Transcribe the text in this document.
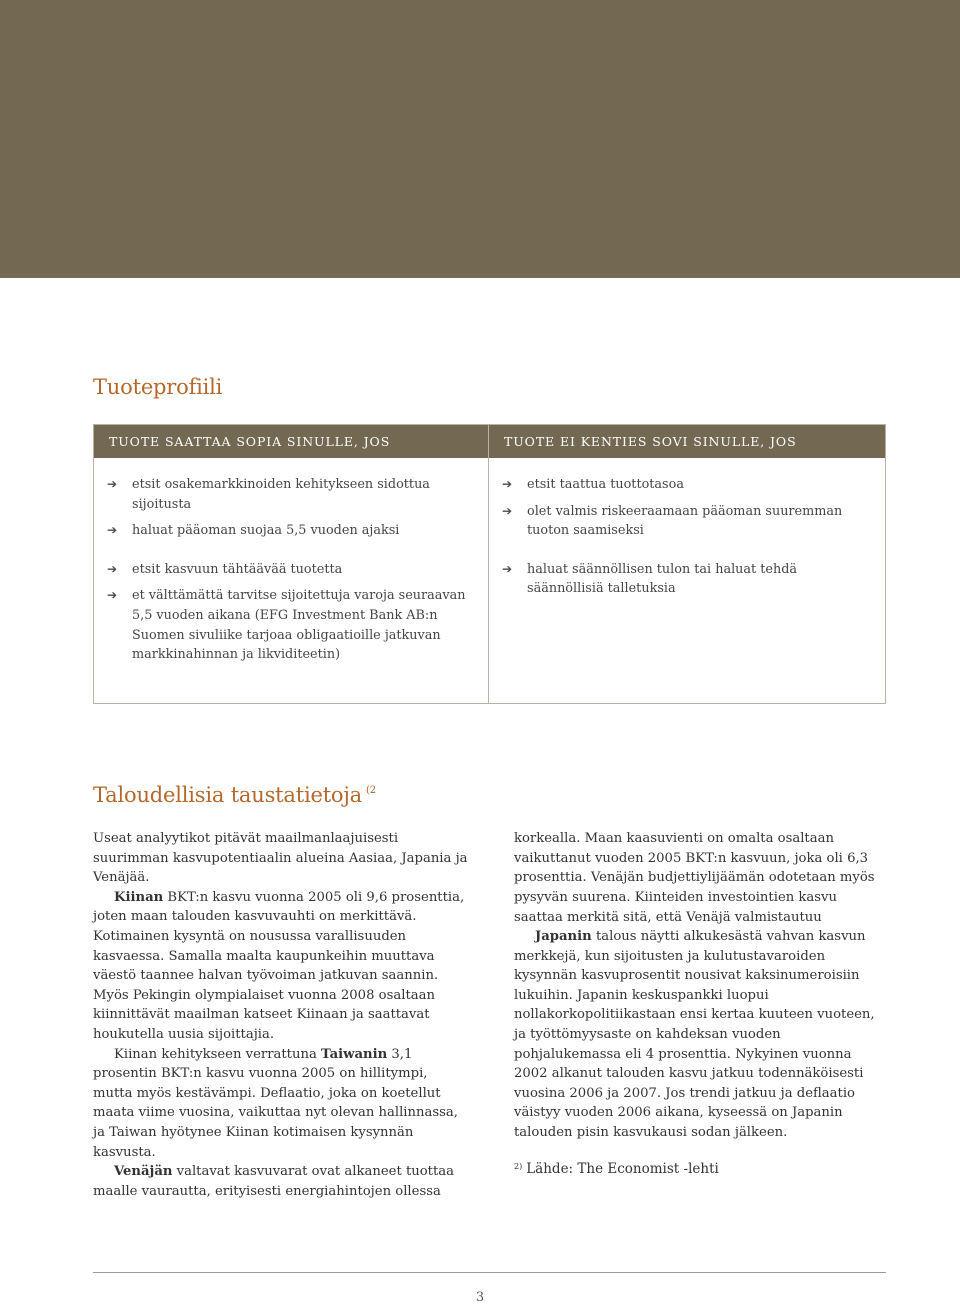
Tuoteprofiili
TUOTE SAATTAA SOPIA SINULLE, JOS
➔ etsit osakemarkkinoiden kehitykseen sidottua sijoitusta
➔ haluat pääoman suojaa 5,5 vuoden ajaksi
➔ etsit kasvuun tähtäävää tuotetta
➔ et välttämättä tarvitse sijoitettuja varoja seuraavan 5,5 vuoden aikana (EFG Investment Bank AB:n Suomen sivuliike tarjoaa obligaatioille jatkuvan markkinahinnan ja likviditeetin)
TUOTE EI KENTIES SOVI SINULLE, JOS
➔ etsit taattua tuottotasoa
➔ olet valmis riskeeraamaan pääoman suuremman tuoton saamiseksi
➔ haluat säännöllisen tulon tai haluat tehdä säännöllisiä talletuksia
Taloudellisia taustatietoja $^{(2}$

Useat analyytikot pitävät maailmanlaajuisesti suurimman kasvupotentiaalin alueina Aasiaa, Japania ja Venäjää.

Kiinan BKT:n kasvu vuonna 2005 oli 9,6 prosenttia, joten maan talouden kasvuvauhti on merkittävä. Kotimainen kysyntä on nousussa varallisuuden kasvaessa. Samalla maalta kaupunkeihin muuttava väestö taannee halvan työvoiman jatkuvan saannin. Myös Pekingin olympialaiset vuonna 2008 osaltaan kiinnittävät maailman katseet Kiinaan ja saattavat houkutella uusia sijoittajia.

Kiinan kehitykseen verrattuna Taiwanin 3,1 prosentin BKT:n kasvu vuonna 2005 on hillitympi, mutta myös kestävämpi. Deflaatio, joka on koetellut maata viime vuosina, vaikuttaa nyt olevan hallinnassa, ja Taiwan hyötynee Kiinan kotimaisen kysynnän kasvusta.

Venäjän valtavat kasvuvarat ovat alkaneet tuottaa maalle vaurautta, erityisesti energiahintojen ollessa

korkealla. Maan kaasuvienti on omalta osaltaan vaikuttanut vuoden 2005 BKT:n kasvuun, joka oli 6,3 prosenttia. Venäjän budjettiylijäämän odotetaan myös pysyvän suurena. Kiinteiden investointien kasvu saattaa merkitä sitä, että Venäjä valmistautuu

Japanin talous näytti alkukesästä vahvan kasvun merkkejä, kun sijoitusten ja kulutustavaroiden kysynnän kasvuprosentit nousivat kaksinumeroisiin lukuihin. Japanin keskuspankki luopui nollakorkopolitiikastaan ensi kertaa kuuteen vuoteen, ja työttömyysaste on kahdeksan vuoden pohjalukemassa eli 4 prosenttia. Nykyinen vuonna 2002 alkanut talouden kasvu jatkuu todennäköisesti vuosina 2006 ja 2007. Jos trendi jatkuu ja deflaatio väistyy vuoden 2006 aikana, kyseessä on Japanin talouden pisin kasvukausi sodan jälkeen.

$^{2)}$ Lähde: The Economist -lehti
3
